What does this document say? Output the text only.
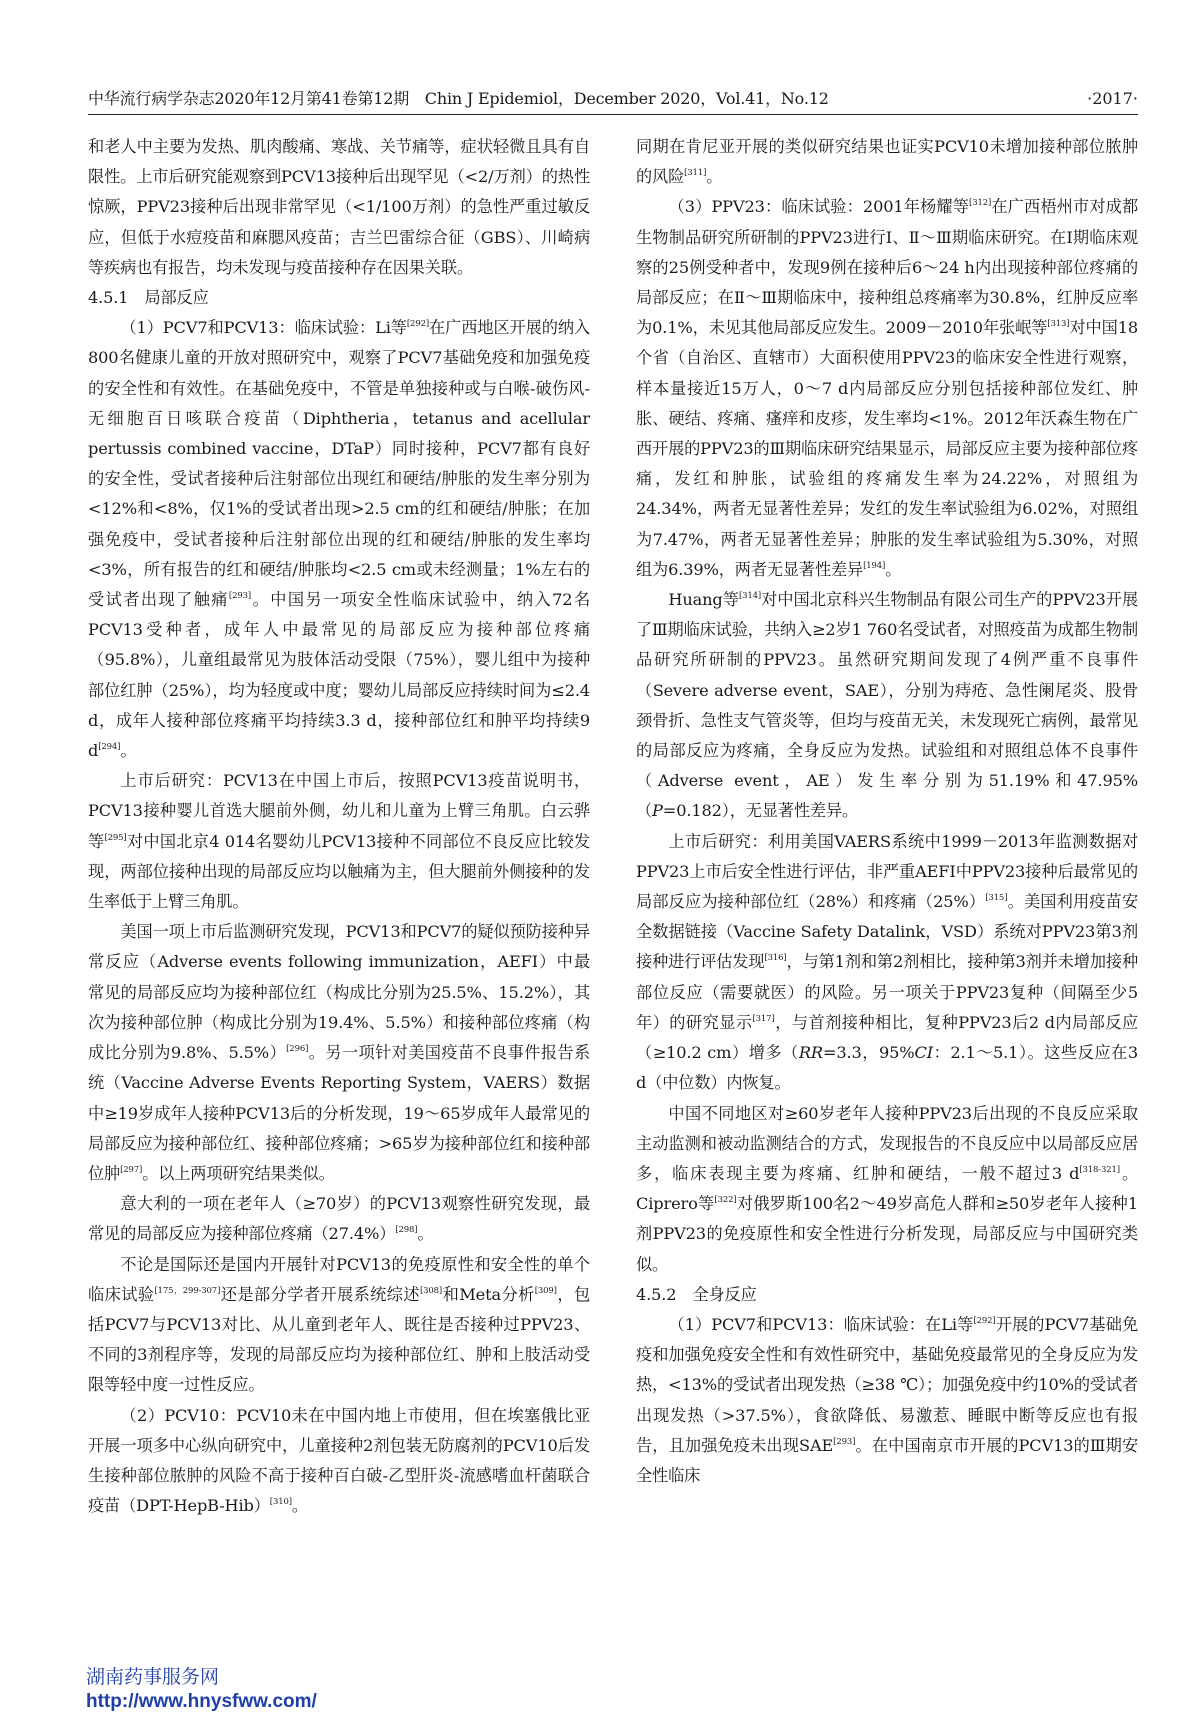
中华流行病学杂志2020年12月第41卷第12期　Chin J Epidemiol，December 2020，Vol.41，No.12	·2017·

和老人中主要为发热、肌肉酸痛、寒战、关节痛等，症状轻微且具有自限性。上市后研究能观察到PCV13接种后出现罕见（<2/万剂）的热性惊厥，PPV23接种后出现非常罕见（<1/100万剂）的急性严重过敏反应，但低于水痘疫苗和麻腮风疫苗；吉兰巴雷综合征（GBS）、川崎病等疾病也有报告，均未发现与疫苗接种存在因果关联。

4.5.1　局部反应

（1）PCV7和PCV13：临床试验：Li等[292]在广西地区开展的纳入800名健康儿童的开放对照研究中，观察了PCV7基础免疫和加强免疫的安全性和有效性。在基础免疫中，不管是单独接种或与白喉-破伤风-无细胞百日咳联合疫苗（Diphtheria，tetanus and acellular pertussis combined vaccine，DTaP）同时接种，PCV7都有良好的安全性，受试者接种后注射部位出现红和硬结/肿胀的发生率分别为<12%和<8%，仅1%的受试者出现>2.5 cm的红和硬结/肿胀；在加强免疫中，受试者接种后注射部位出现的红和硬结/肿胀的发生率均<3%，所有报告的红和硬结/肿胀均<2.5 cm或未经测量；1%左右的受试者出现了触痛[293]。中国另一项安全性临床试验中，纳入72名PCV13受种者，成年人中最常见的局部反应为接种部位疼痛（95.8%），儿童组最常见为肢体活动受限（75%），婴儿组中为接种部位红肿（25%），均为轻度或中度；婴幼儿局部反应持续时间为≤2.4 d，成年人接种部位疼痛平均持续3.3 d，接种部位红和肿平均持续9 d[294]。

上市后研究：PCV13在中国上市后，按照PCV13疫苗说明书，PCV13接种婴儿首选大腿前外侧，幼儿和儿童为上臂三角肌。白云骅等[295]对中国北京4 014名婴幼儿PCV13接种不同部位不良反应比较发现，两部位接种出现的局部反应均以触痛为主，但大腿前外侧接种的发生率低于上臂三角肌。

美国一项上市后监测研究发现，PCV13和PCV7的疑似预防接种异常反应（Adverse events following immunization，AEFI）中最常见的局部反应均为接种部位红（构成比分别为25.5%、15.2%），其次为接种部位肿（构成比分别为19.4%、5.5%）和接种部位疼痛（构成比分别为9.8%、5.5%）[296]。另一项针对美国疫苗不良事件报告系统（Vaccine Adverse Events Reporting System，VAERS）数据中≥19岁成年人接种PCV13后的分析发现，19～65岁成年人最常见的局部反应为接种部位红、接种部位疼痛；>65岁为接种部位红和接种部位肿[297]。以上两项研究结果类似。

意大利的一项在老年人（≥70岁）的PCV13观察性研究发现，最常见的局部反应为接种部位疼痛（27.4%）[298]。

不论是国际还是国内开展针对PCV13的免疫原性和安全性的单个临床试验[175，299-307]还是部分学者开展系统综述[308]和Meta分析[309]，包括PCV7与PCV13对比、从儿童到老年人、既往是否接种过PPV23、不同的3剂程序等，发现的局部反应均为接种部位红、肿和上肢活动受限等轻中度一过性反应。

（2）PCV10：PCV10未在中国内地上市使用，但在埃塞俄比亚开展一项多中心纵向研究中，儿童接种2剂包装无防腐剂的PCV10后发生接种部位脓肿的风险不高于接种百白破-乙型肝炎-流感嗜血杆菌联合疫苗（DPT-HepB-Hib）[310]。

同期在肯尼亚开展的类似研究结果也证实PCV10未增加接种部位脓肿的风险[311]。

（3）PPV23：临床试验：2001年杨耀等[312]在广西梧州市对成都生物制品研究所研制的PPV23进行Ⅰ、Ⅱ～Ⅲ期临床研究。在Ⅰ期临床观察的25例受种者中，发现9例在接种后6～24 h内出现接种部位疼痛的局部反应；在Ⅱ～Ⅲ期临床中，接种组总疼痛率为30.8%，红肿反应率为0.1%，未见其他局部反应发生。2009－2010年张岷等[313]对中国18个省（自治区、直辖市）大面积使用PPV23的临床安全性进行观察，样本量接近15万人，0～7 d内局部反应分别包括接种部位发红、肿胀、硬结、疼痛、瘙痒和皮疹，发生率均<1%。2012年沃森生物在广西开展的PPV23的Ⅲ期临床研究结果显示，局部反应主要为接种部位疼痛，发红和肿胀，试验组的疼痛发生率为24.22%，对照组为24.34%，两者无显著性差异；发红的发生率试验组为6.02%，对照组为7.47%，两者无显著性差异；肿胀的发生率试验组为5.30%，对照组为6.39%，两者无显著性差异[194]。

Huang等[314]对中国北京科兴生物制品有限公司生产的PPV23开展了Ⅲ期临床试验，共纳入≥2岁1 760名受试者，对照疫苗为成都生物制品研究所研制的PPV23。虽然研究期间发现了4例严重不良事件（Severe adverse event，SAE），分别为痔疮、急性阑尾炎、股骨颈骨折、急性支气管炎等，但均与疫苗无关，未发现死亡病例，最常见的局部反应为疼痛，全身反应为发热。试验组和对照组总体不良事件（Adverse event，AE）发生率分别为51.19%和47.95%（P=0.182），无显著性差异。

上市后研究：利用美国VAERS系统中1999－2013年监测数据对PPV23上市后安全性进行评估，非严重AEFI中PPV23接种后最常见的局部反应为接种部位红（28%）和疼痛（25%）[315]。美国利用疫苗安全数据链接（Vaccine Safety Datalink，VSD）系统对PPV23第3剂接种进行评估发现[316]，与第1剂和第2剂相比，接种第3剂并未增加接种部位反应（需要就医）的风险。另一项关于PPV23复种（间隔至少5年）的研究显示[317]，与首剂接种相比，复种PPV23后2 d内局部反应（≥10.2 cm）增多（RR=3.3，95%CI：2.1～5.1）。这些反应在3 d（中位数）内恢复。

中国不同地区对≥60岁老年人接种PPV23后出现的不良反应采取主动监测和被动监测结合的方式，发现报告的不良反应中以局部反应居多，临床表现主要为疼痛、红肿和硬结，一般不超过3 d[318-321]。Ciprero等[322]对俄罗斯100名2～49岁高危人群和≥50岁老年人接种1剂PPV23的免疫原性和安全性进行分析发现，局部反应与中国研究类似。

4.5.2　全身反应

（1）PCV7和PCV13：临床试验：在Li等[292]开展的PCV7基础免疫和加强免疫安全性和有效性研究中，基础免疫最常见的全身反应为发热，<13%的受试者出现发热（≥38 ℃）；加强免疫中约10%的受试者出现发热（>37.5%），食欲降低、易激惹、睡眠中断等反应也有报告，且加强免疫未出现SAE[293]。在中国南京市开展的PCV13的Ⅲ期安全性临床

湖南药事服务网
http://www.hnysfww.com/
